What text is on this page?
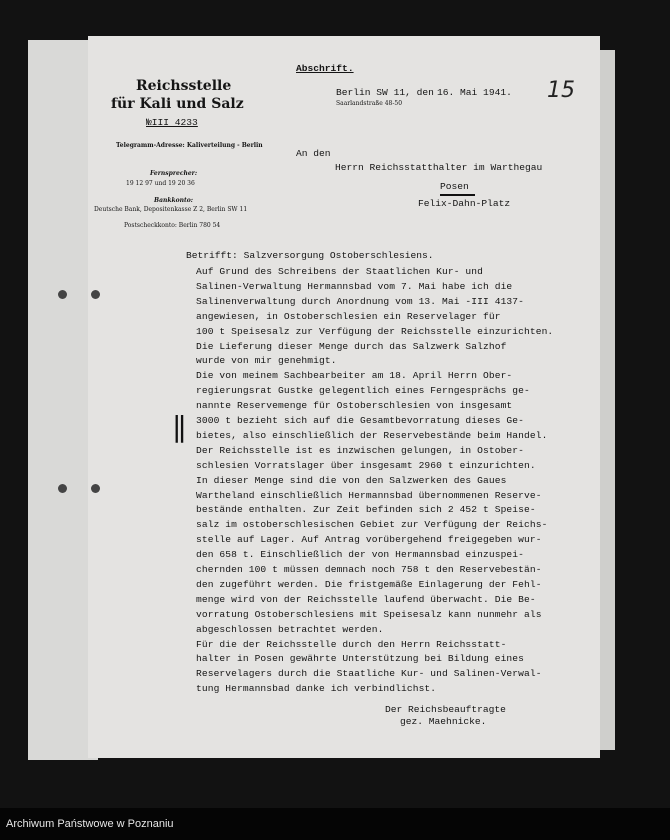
Reichsstelle
für Kali und Salz
№III 4233
Telegramm-Adresse: Kaliverteilung - Berlin
Fernsprecher:
19 12 97 und 19 20 36
Bankkonto:
Deutsche Bank, Depositenkasse Z 2, Berlin SW 11
Postscheckkonto: Berlin 780 54
Abschrift.
Berlin SW 11, den 16. Mai 1941.
Saarlandstraße 48-50
15
An den
Herrn Reichsstatthalter im Warthegau
Posen
Felix-Dahn-Platz
Betrifft: Salzversorgung Ostoberschlesiens.
Auf Grund des Schreibens der Staatlichen Kur- und
Salinen-Verwaltung Hermannsbad vom 7. Mai habe ich die
Salinenverwaltung durch Anordnung vom 13. Mai -III 4137-
angewiesen, in Ostoberschlesien ein Reservelager für
100 t Speisesalz zur Verfügung der Reichsstelle einzurichten.
Die Lieferung dieser Menge durch das Salzwerk Salzhof
wurde von mir genehmigt.
Die von meinem Sachbearbeiter am 18. April Herrn Ober-
regierungsrat Gustke gelegentlich eines Ferngesprächs ge-
nannte Reservemenge für Ostoberschlesien von insgesamt
3000 t bezieht sich auf die Gesamtbevorratung dieses Ge-
bietes, also einschließlich der Reservebestände beim Handel.
Der Reichsstelle ist es inzwischen gelungen, in Ostober-
schlesien Vorratslager über insgesamt 2960 t einzurichten.
In dieser Menge sind die von den Salzwerken des Gaues
Wartheland einschließlich Hermannsbad übernommenen Reserve-
bestände enthalten. Zur Zeit befinden sich 2 452 t Speise-
salz im ostoberschlesischen Gebiet zur Verfügung der Reichs-
stelle auf Lager. Auf Antrag vorübergehend freigegeben wur-
den 658 t. Einschließlich der von Hermannsbad einzuspei-
chernden 100 t müssen demnach noch 758 t den Reservebestän-
den zugeführt werden. Die fristgemäße Einlagerung der Fehl-
menge wird von der Reichsstelle laufend überwacht. Die Be-
vorratung Ostoberschlesiens mit Speisesalz kann nunmehr als
abgeschlossen betrachtet werden.
Für die der Reichsstelle durch den Herrn Reichsstatt-
halter in Posen gewährte Unterstützung bei Bildung eines
Reservelagers durch die Staatliche Kur- und Salinen-Verwal-
tung Hermannsbad danke ich verbindlichst.
||
Der Reichsbeauftragte
gez. Maehnicke.
Archiwum Państwowe w Poznaniu
